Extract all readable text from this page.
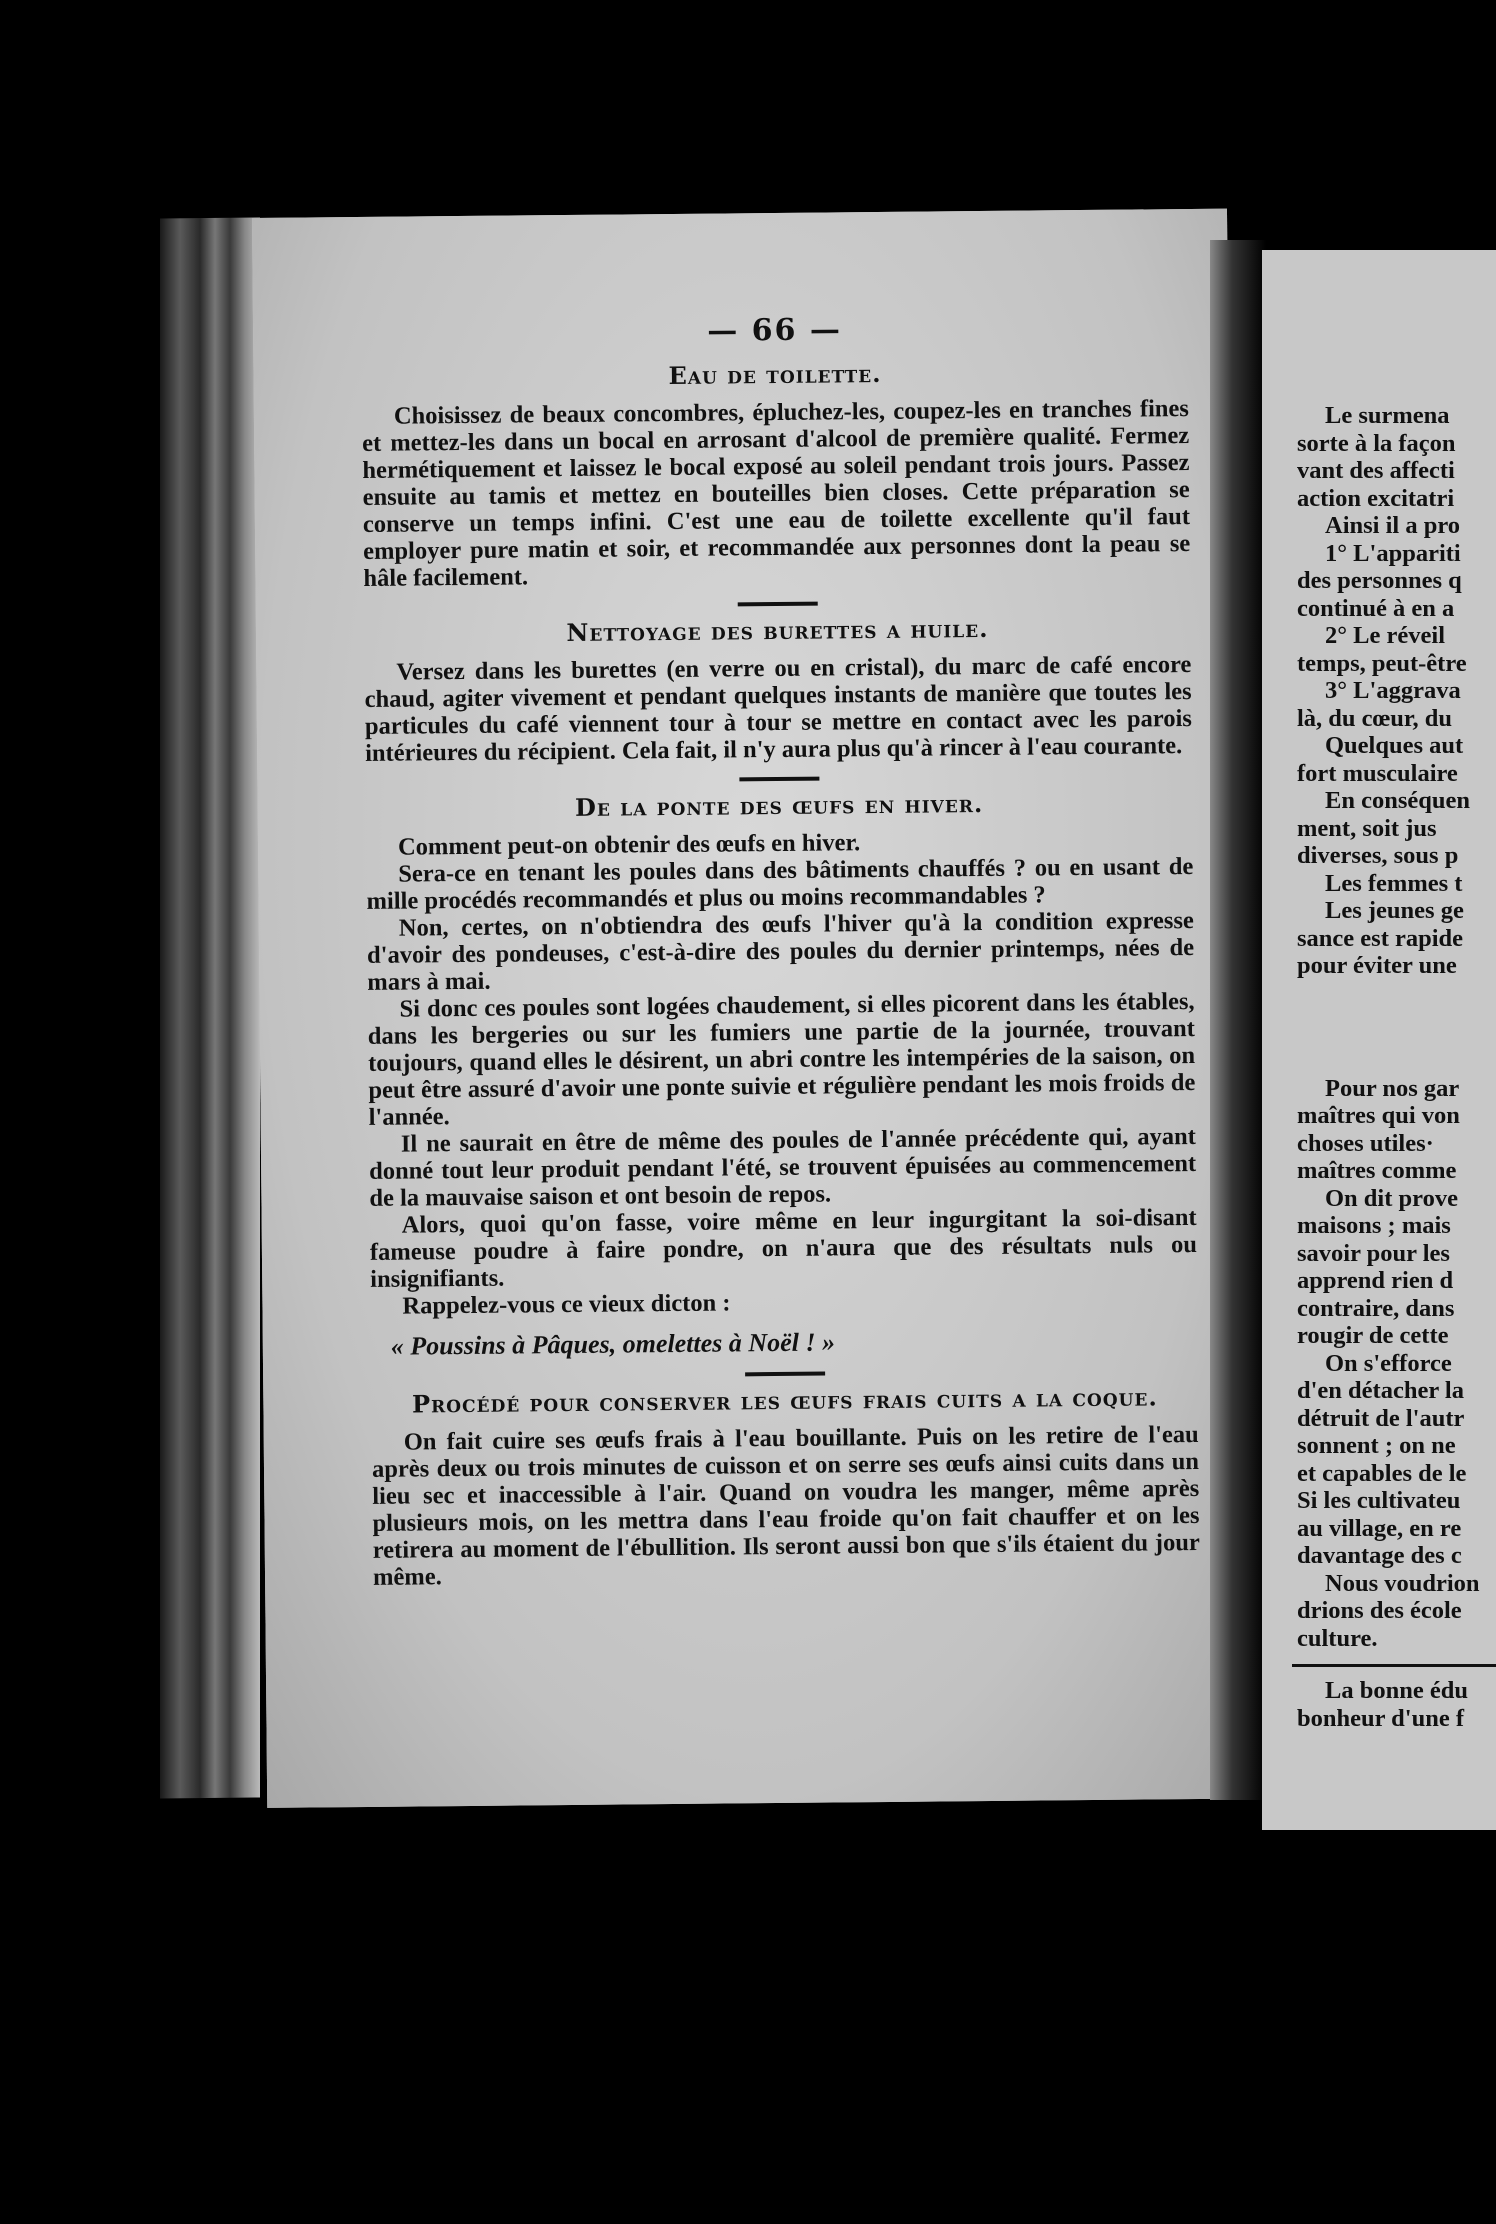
— 66 —
Eau de toilette.

Choisissez de beaux concombres, épluchez-les, coupez-les en tranches fines et mettez-les dans un bocal en arrosant d'alcool de première qualité. Fermez hermétiquement et laissez le bocal exposé au soleil pendant trois jours. Passez ensuite au tamis et mettez en bouteilles bien closes. Cette préparation se conserve un temps infini. C'est une eau de toilette excellente qu'il faut employer pure matin et soir, et recommandée aux personnes dont la peau se hâle facilement.

Nettoyage des burettes a huile.

Versez dans les burettes (en verre ou en cristal), du marc de café encore chaud, agiter vivement et pendant quelques instants de manière que toutes les particules du café viennent tour à tour se mettre en contact avec les parois intérieures du récipient. Cela fait, il n'y aura plus qu'à rincer à l'eau courante.

De la ponte des œufs en hiver.

Comment peut-on obtenir des œufs en hiver.

Sera-ce en tenant les poules dans des bâtiments chauffés ? ou en usant de mille procédés recommandés et plus ou moins recommandables ?

Non, certes, on n'obtiendra des œufs l'hiver qu'à la condition expresse d'avoir des pondeuses, c'est-à-dire des poules du dernier printemps, nées de mars à mai.

Si donc ces poules sont logées chaudement, si elles picorent dans les étables, dans les bergeries ou sur les fumiers une partie de la journée, trouvant toujours, quand elles le désirent, un abri contre les intempéries de la saison, on peut être assuré d'avoir une ponte suivie et régulière pendant les mois froids de l'année.

Il ne saurait en être de même des poules de l'année précédente qui, ayant donné tout leur produit pendant l'été, se trouvent épuisées au commencement de la mauvaise saison et ont besoin de repos.

Alors, quoi qu'on fasse, voire même en leur ingurgitant la soi-disant fameuse poudre à faire pondre, on n'aura que des résultats nuls ou insignifiants.

Rappelez-vous ce vieux dicton :

« Poussins à Pâques, omelettes à Noël ! »
Procédé pour conserver les œufs frais cuits a la coque.

On fait cuire ses œufs frais à l'eau bouillante. Puis on les retire de l'eau après deux ou trois minutes de cuisson et on serre ses œufs ainsi cuits dans un lieu sec et inaccessible à l'air. Quand on voudra les manger, même après plusieurs mois, on les mettra dans l'eau froide qu'on fait chauffer et on les retirera au moment de l'ébullition. Ils seront aussi bon que s'ils étaient du jour même.

Le surmena
sorte à la façon
vant des affecti
action excitatri
Ainsi il a pro
1° L'appariti
des personnes q
continué à en a
2° Le réveil
temps, peut-être
3° L'aggrava
là, du cœur, du
Quelques aut
fort musculaire
En conséquen
ment, soit jus
diverses, sous p
Les femmes t
Les jeunes ge
sance est rapide
pour éviter une
Pour nos gar
maîtres qui von
choses utiles·
maîtres comme
On dit prove
maisons ; mais
savoir pour les
apprend rien d
contraire, dans
rougir de cette
On s'efforce
d'en détacher la
détruit de l'autr
sonnent ; on ne
et capables de le
Si les cultivateu
au village, en re
davantage des c
Nous voudrion
drions des école
culture.
La bonne édu
bonheur d'une f
